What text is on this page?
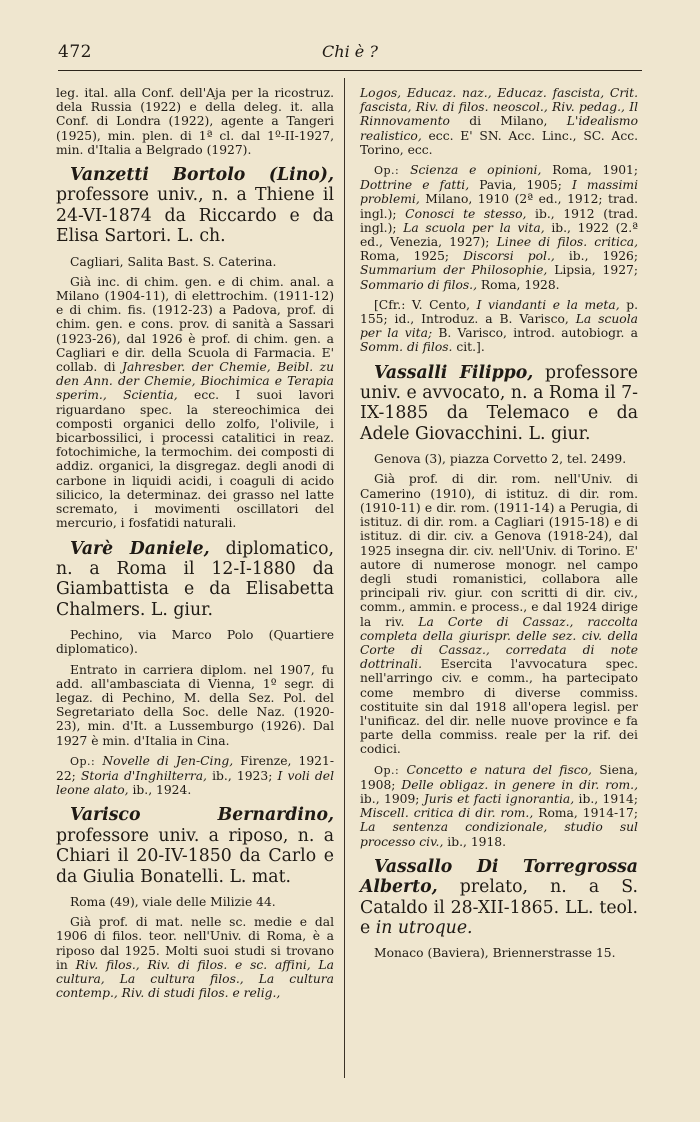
472	Chi è ?

leg. ital. alla Conf. dell'Aja per la ricostruz. dela Russia (1922) e della deleg. it. alla Conf. di Londra (1922), agente a Tangeri (1925), min. plen. di 1ª cl. dal 1º-II-1927, min. d'Italia a Belgrado (1927).

Vanzetti Bortolo (Lino), professore univ., n. a Thiene il 24-VI-1874 da Riccardo e da Elisa Sartori. L. ch.

Cagliari, Salita Bast. S. Caterina.

Già inc. di chim. gen. e di chim. anal. a Milano (1904-11), di elettrochim. (1911-12) e di chim. fis. (1912-23) a Padova, prof. di chim. gen. e cons. prov. di sanità a Sassari (1923-26), dal 1926 è prof. di chim. gen. a Cagliari e dir. della Scuola di Farmacia. E' collab. di Jahresber. der Chemie, Beibl. zu den Ann. der Chemie, Biochimica e Terapia sperim., Scientia, ecc. I suoi lavori riguardano spec. la stereochimica dei composti organici dello zolfo, l'olivile, i bicarbossilici, i processi catalitici in reaz. fotochimiche, la termochim. dei composti di addiz. organici, la disgregaz. degli anodi di carbone in liquidi acidi, i coaguli di acido silicico, la determinaz. dei grasso nel latte scremato, i movimenti oscillatori del mercurio, i fosfatidi naturali.

Varè Daniele, diplomatico, n. a Roma il 12-I-1880 da Giambattista e da Elisabetta Chalmers. L. giur.

Pechino, via Marco Polo (Quartiere diplomatico).

Entrato in carriera diplom. nel 1907, fu add. all'ambasciata di Vienna, 1º segr. di legaz. di Pechino, M. della Sez. Pol. del Segretariato della Soc. delle Naz. (1920-23), min. d'It. a Lussemburgo (1926). Dal 1927 è min. d'Italia in Cina.

Op.: Novelle di Jen-Cing, Firenze, 1921-22; Storia d'Inghilterra, ib., 1923; I voli del leone alato, ib., 1924.

Varisco Bernardino, professore univ. a riposo, n. a Chiari il 20-IV-1850 da Carlo e da Giulia Bonatelli. L. mat.

Roma (49), viale delle Milizie 44.

Già prof. di mat. nelle sc. medie e dal 1906 di filos. teor. nell'Univ. di Roma, è a riposo dal 1925. Molti suoi studi si trovano in Riv. filos., Riv. di filos. e sc. affini, La cultura, La cultura filos., La cultura contemp., Riv. di studi filos. e relig.,

Logos, Educaz. naz., Educaz. fascista, Crit. fascista, Riv. di filos. neoscol., Riv. pedag., Il Rinnovamento di Milano, L'idealismo realistico, ecc. E' SN. Acc. Linc., SC. Acc. Torino, ecc.

Op.: Scienza e opinioni, Roma, 1901; Dottrine e fatti, Pavia, 1905; I massimi problemi, Milano, 1910 (2ª ed., 1912; trad. ingl.); Conosci te stesso, ib., 1912 (trad. ingl.); La scuola per la vita, ib., 1922 (2.ª ed., Venezia, 1927); Linee di filos. critica, Roma, 1925; Discorsi pol., ib., 1926; Summarium der Philosophie, Lipsia, 1927; Sommario di filos., Roma, 1928.

[Cfr.: V. Cento, I viandanti e la meta, p. 155; id., Introduz. a B. Varisco, La scuola per la vita; B. Varisco, introd. autobiogr. a Somm. di filos. cit.].

Vassalli Filippo, professore univ. e avvocato, n. a Roma il 7-IX-1885 da Telemaco e da Adele Giovacchini. L. giur.

Genova (3), piazza Corvetto 2, tel. 2499.

Già prof. di dir. rom. nell'Univ. di Camerino (1910), di istituz. di dir. rom. (1910-11) e dir. rom. (1911-14) a Perugia, di istituz. di dir. rom. a Cagliari (1915-18) e di istituz. di dir. civ. a Genova (1918-24), dal 1925 insegna dir. civ. nell'Univ. di Torino. E' autore di numerose monogr. nel campo degli studi romanistici, collabora alle principali riv. giur. con scritti di dir. civ., comm., ammin. e process., e dal 1924 dirige la riv. La Corte di Cassaz., raccolta completa della giurispr. delle sez. civ. della Corte di Cassaz., corredata di note dottrinali. Esercita l'avvocatura spec. nell'arringo civ. e comm., ha partecipato come membro di diverse commiss. costituite sin dal 1918 all'opera legisl. per l'unificaz. del dir. nelle nuove province e fa parte della commiss. reale per la rif. dei codici.

Op.: Concetto e natura del fisco, Siena, 1908; Delle obligaz. in genere in dir. rom., ib., 1909; Juris et facti ignorantia, ib., 1914; Miscell. critica di dir. rom., Roma, 1914-17; La sentenza condizionale, studio sul processo civ., ib., 1918.

Vassallo Di Torregrossa Alberto, prelato, n. a S. Cataldo il 28-XII-1865. LL. teol. e in utroque.

Monaco (Baviera), Briennerstrasse 15.
